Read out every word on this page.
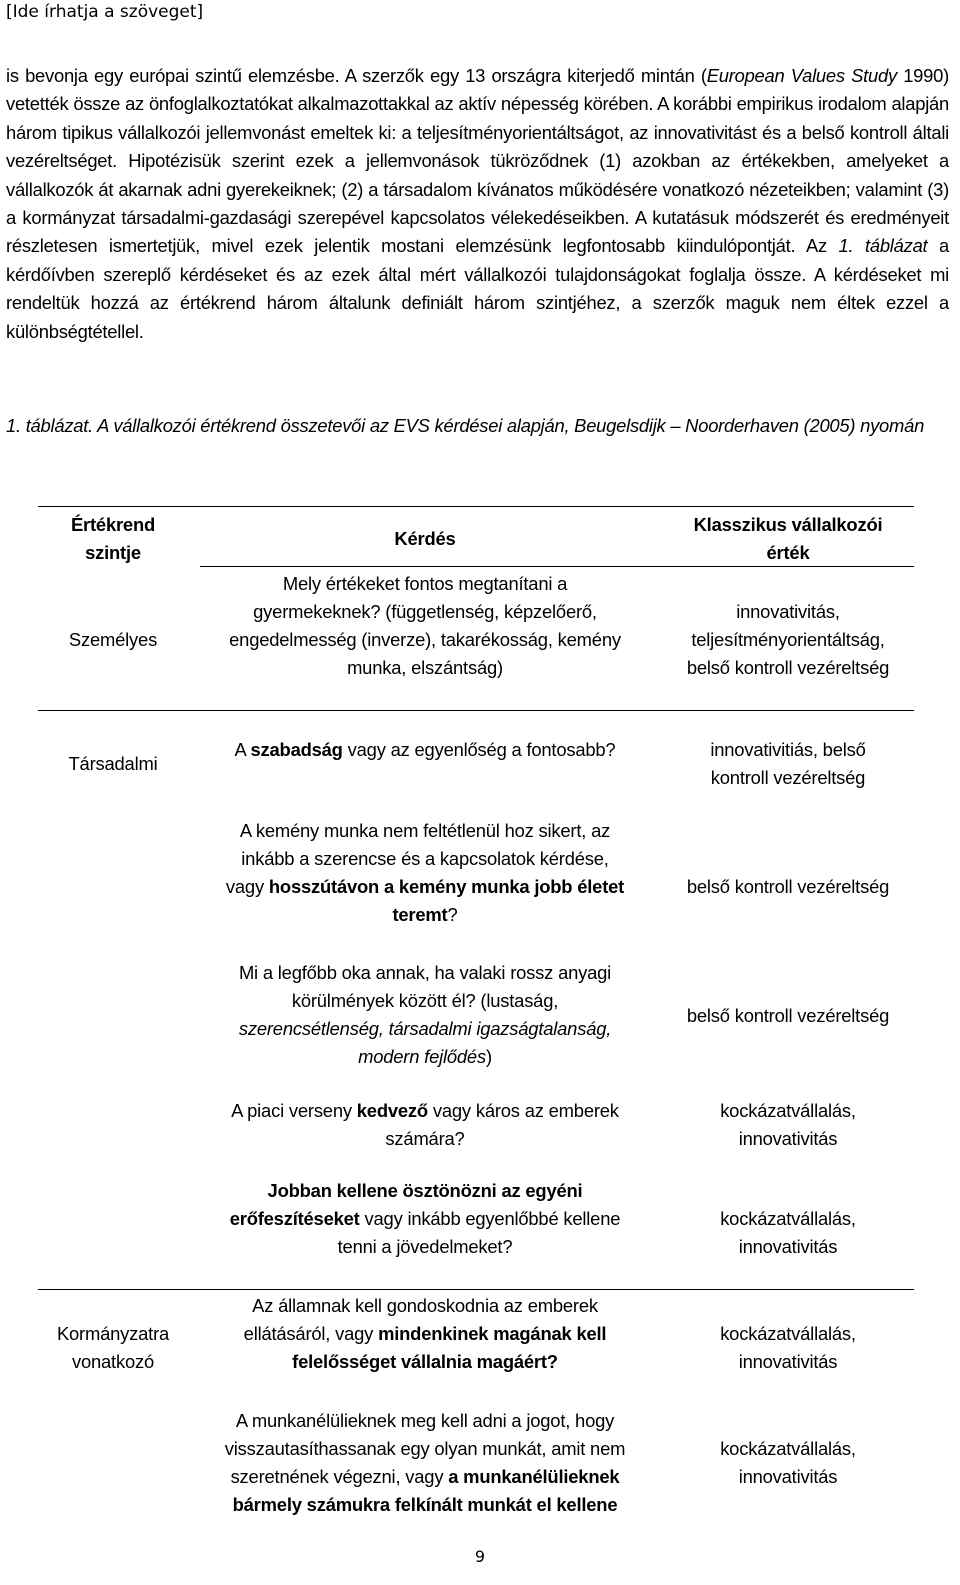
[Ide írhatja a szöveget]
is bevonja egy európai szintű elemzésbe. A szerzők egy 13 országra kiterjedő mintán (European Values Study 1990) vetették össze az önfoglalkoztatókat alkalmazottakkal az aktív népesség körében. A korábbi empirikus irodalom alapján három tipikus vállalkozói jellemvonást emeltek ki: a teljesítményorientáltságot, az innovativitást és a belső kontroll általi vezéreltséget. Hipotézisük szerint ezek a jellemvonások tükröződnek (1) azokban az értékekben, amelyeket a vállalkozók át akarnak adni gyerekeiknek; (2) a társadalom kívánatos működésére vonatkozó nézeteikben; valamint (3) a kormányzat társadalmi-gazdasági szerepével kapcsolatos vélekedéseikben. A kutatásuk módszerét és eredményeit részletesen ismertetjük, mivel ezek jelentik mostani elemzésünk legfontosabb kiindulópontját. Az 1. táblázat a kérdőívben szereplő kérdéseket és az ezek által mért vállalkozói tulajdonságokat foglalja össze. A kérdéseket mi rendeltük hozzá az értékrend három általunk definiált három szintjéhez, a szerzők maguk nem éltek ezzel a különbségtétellel.
1. táblázat. A vállalkozói értékrend összetevői az EVS kérdései alapján, Beugelsdijk – Noorderhaven (2005) nyomán
Értékrend
szintje
Kérdés
Klasszikus vállalkozói
érték
Személyes
Társadalmi
Kormányzatra
vonatkozó
Mely értékeket fontos megtanítani a
gyermekeknek? (függetlenség, képzelőerő,
engedelmesség (inverze), takarékosság, kemény
munka, elszántság)
innovativitás,
teljesítményorientáltság,
belső kontroll vezéreltség
A szabadság vagy az egyenlőség a fontosabb?	innovativitiás, belső
kontroll vezéreltség
A kemény munka nem feltétlenül hoz sikert, az
inkább a szerencse és a kapcsolatok kérdése,
vagy hosszútávon a kemény munka jobb életet
teremt?
belső kontroll vezéreltség
Mi a legfőbb oka annak, ha valaki rossz anyagi
körülmények között él? (lustaság,
szerencsétlenség, társadalmi igazságtalanság,
modern fejlődés)
belső kontroll vezéreltség
A piaci verseny kedvező vagy káros az emberek
számára?
kockázatvállalás,
innovativitás
Jobban kellene ösztönözni az egyéni
erőfeszítéseket vagy inkább egyenlőbbé kellene
tenni a jövedelmeket?
kockázatvállalás,
innovativitás
Az államnak kell gondoskodnia az emberek
ellátásáról, vagy mindenkinek magának kell
felelősséget vállalnia magáért?
kockázatvállalás,
innovativitás
A munkanélülieknek meg kell adni a jogot, hogy
visszautasíthassanak egy olyan munkát, amit nem
szeretnének végezni, vagy a munkanélülieknek
bármely számukra felkínált munkát el kellene
kockázatvállalás,
innovativitás
9
